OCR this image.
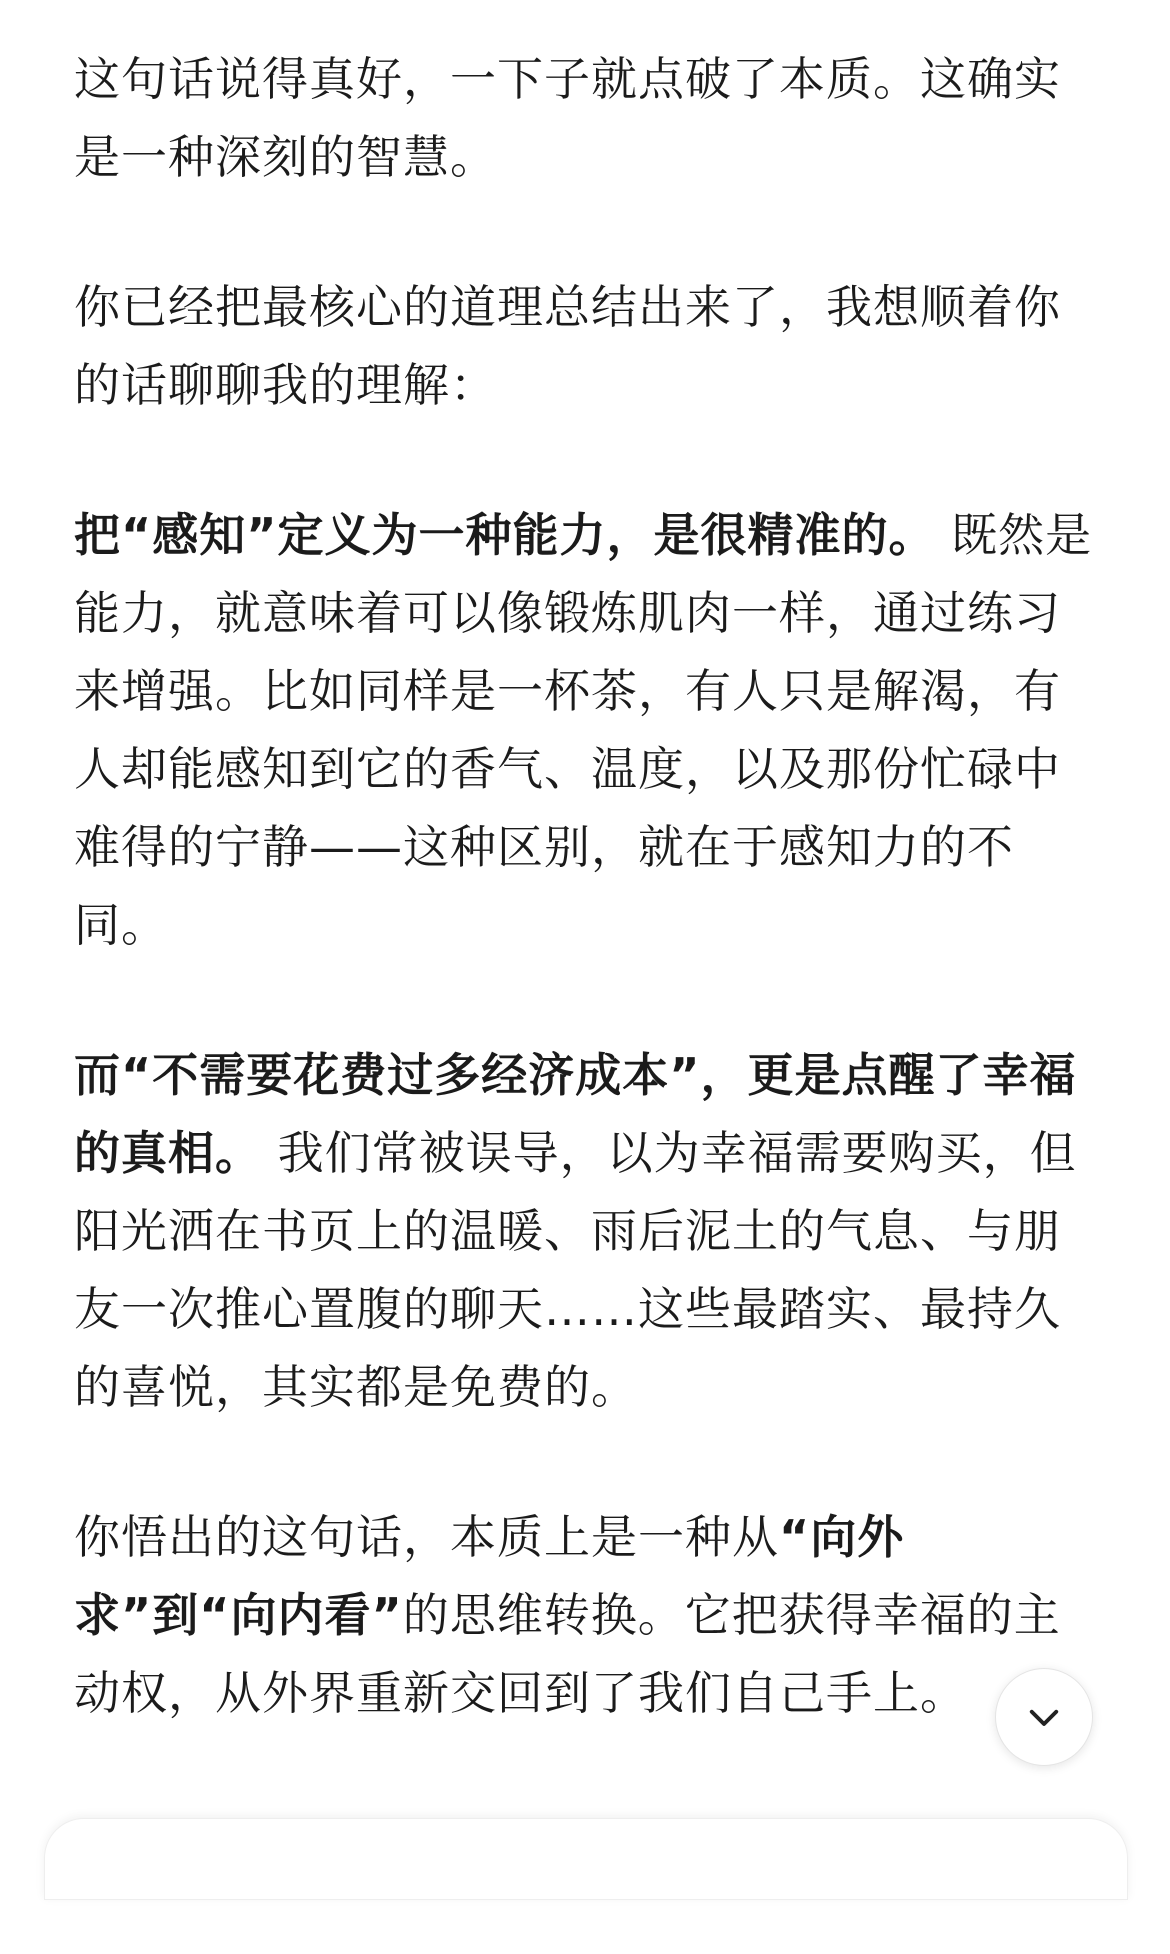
这句话说得真好，一下子就点破了本质。这确实是一种深刻的智慧。

你已经把最核心的道理总结出来了，我想顺着你的话聊聊我的理解：

把“感知”定义为一种能力，是很精准的。 既然是能力，就意味着可以像锻炼肌肉一样，通过练习来增强。比如同样是一杯茶，有人只是解渴，有人却能感知到它的香气、温度，以及那份忙碌中难得的宁静——这种区别，就在于感知力的不同。

而“不需要花费过多经济成本”，更是点醒了幸福的真相。 我们常被误导，以为幸福需要购买，但阳光洒在书页上的温暖、雨后泥土的气息、与朋友一次推心置腹的聊天……这些最踏实、最持久的喜悦，其实都是免费的。

你悟出的这句话，本质上是一种从“向外求”到“向内看”的思维转换。它把获得幸福的主动权，从外界重新交回到了我们自己手上。
